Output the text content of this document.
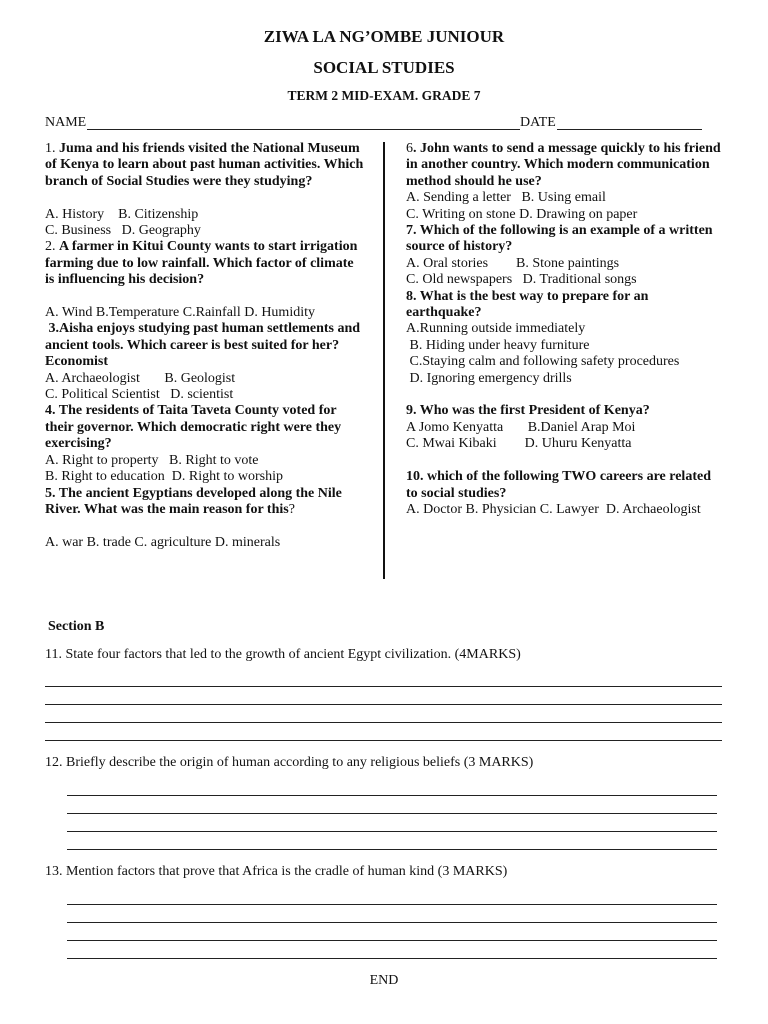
ZIWA LA NG’OMBE JUNIOUR
SOCIAL STUDIES
TERM 2 MID-EXAM. GRADE 7
NAME	DATE
1. Juma and his friends visited the National Museum
of Kenya to learn about past human activities. Which
branch of Social Studies were they studying?
A. History    B. Citizenship
C. Business   D. Geography
2. A farmer in Kitui County wants to start irrigation
farming due to low rainfall. Which factor of climate
is influencing his decision?
A. Wind B.Temperature C.Rainfall D. Humidity
3.Aisha enjoys studying past human settlements and
ancient tools. Which career is best suited for her?
Economist
A. Archaeologist       B. Geologist
C. Political Scientist   D. scientist
4. The residents of Taita Taveta County voted for
their governor. Which democratic right were they
exercising?
A. Right to property   B. Right to vote
B. Right to education  D. Right to worship
5. The ancient Egyptians developed along the Nile
River. What was the main reason for this?
A. war B. trade C. agriculture D. minerals
6. John wants to send a message quickly to his friend
in another country. Which modern communication
method should he use?
A. Sending a letter   B. Using email
C. Writing on stone D. Drawing on paper
7. Which of the following is an example of a written
source of history?
A. Oral stories        B. Stone paintings
C. Old newspapers   D. Traditional songs
8. What is the best way to prepare for an
earthquake?
A.Running outside immediately
B. Hiding under heavy furniture
C.Staying calm and following safety procedures
D. Ignoring emergency drills
9. Who was the first President of Kenya?
A Jomo Kenyatta       B.Daniel Arap Moi
C. Mwai Kibaki        D. Uhuru Kenyatta
10. which of the following TWO careers are related
to social studies?
A. Doctor B. Physician C. Lawyer  D. Archaeologist
Section B
11. State four factors that led to the growth of ancient Egypt civilization. (4MARKS)
12. Briefly describe the origin of human according to any religious beliefs (3 MARKS)
13. Mention factors that prove that Africa is the cradle of human kind (3 MARKS)
END
